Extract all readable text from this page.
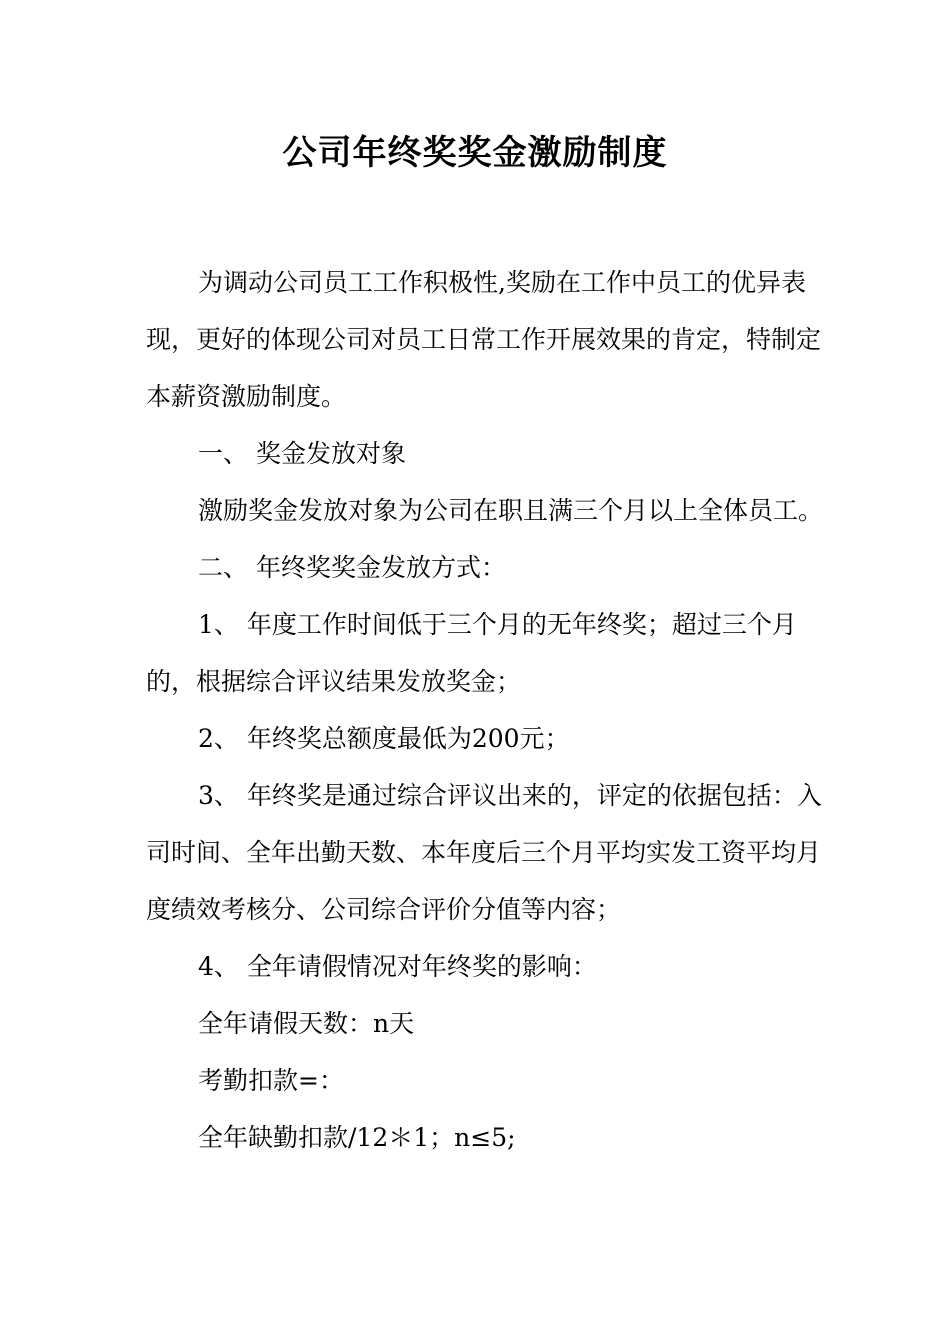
公司年终奖奖金激励制度

为调动公司员工工作积极性,奖励在工作中员工的优异表现，更好的体现公司对员工日常工作开展效果的肯定，特制定本薪资激励制度。

一、 奖金发放对象

激励奖金发放对象为公司在职且满三个月以上全体员工。

二、 年终奖奖金发放方式：

1、 年度工作时间低于三个月的无年终奖；超过三个月的，根据综合评议结果发放奖金；

2、 年终奖总额度最低为200元；

3、 年终奖是通过综合评议出来的，评定的依据包括：入司时间、全年出勤天数、本年度后三个月平均实发工资平均月度绩效考核分、公司综合评价分值等内容；

4、 全年请假情况对年终奖的影响：

全年请假天数：n天

考勤扣款=：

全年缺勤扣款/12＊1；n≤5;
